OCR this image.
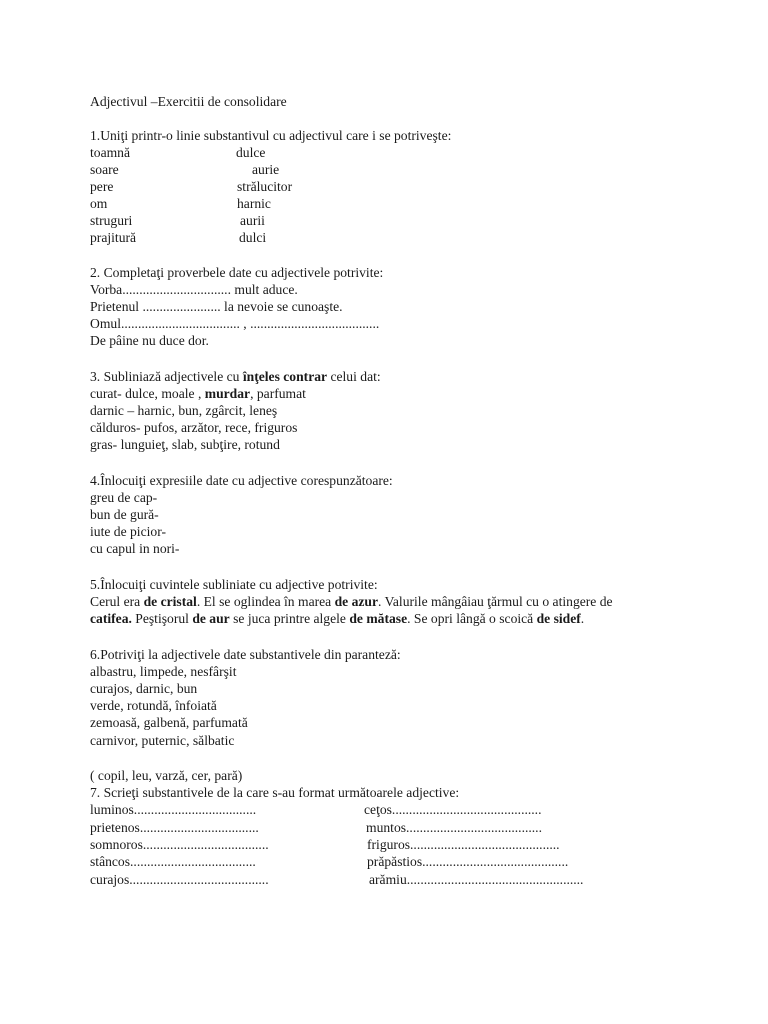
Adjectivul –Exercitii de consolidare
1.Uniţi printr-o linie substantivul cu adjectivul care i se potriveşte:
toamnă	dulce
soare	aurie
pere	strălucitor
om	harnic
struguri	aurii
prajitură	dulci
2. Completaţi proverbele date cu adjectivele potrivite:
Vorba................................ mult aduce.
Prietenul ....................... la nevoie se cunoaşte.
Omul................................... , ......................................
De pâine nu duce dor.
3. Subliniază adjectivele cu înţeles contrar celui dat:
curat- dulce, moale , murdar, parfumat
darnic – harnic, bun, zgârcit, leneş
călduros- pufos, arzător, rece, friguros
gras- lunguieţ, slab, subţire, rotund
4.Înlocuiţi expresiile date cu adjective corespunzătoare:
greu de cap-
bun de gură-
iute de picior-
cu capul in nori-
5.Înlocuiţi cuvintele subliniate cu adjective potrivite:
Cerul era de cristal. El se oglindea în marea de azur. Valurile mângâiau ţărmul cu o atingere de
catifea. Peştişorul de aur se juca printre algele de mătase. Se opri lângă o scoică de sidef.
6.Potriviţi la adjectivele date substantivele din paranteză:
albastru, limpede, nesfârşit
curajos, darnic, bun
verde, rotundă, înfoiată
zemoasă, galbenă, parfumată
carnivor, puternic, sălbatic
( copil, leu, varză, cer, pară)
7. Scrieţi substantivele de la care s-au format următoarele adjective:
luminos....................................	ceţos............................................
prietenos...................................	muntos........................................
somnoros.....................................	friguros............................................
stâncos.....................................	prăpăstios...........................................
curajos.........................................	arămiu....................................................
